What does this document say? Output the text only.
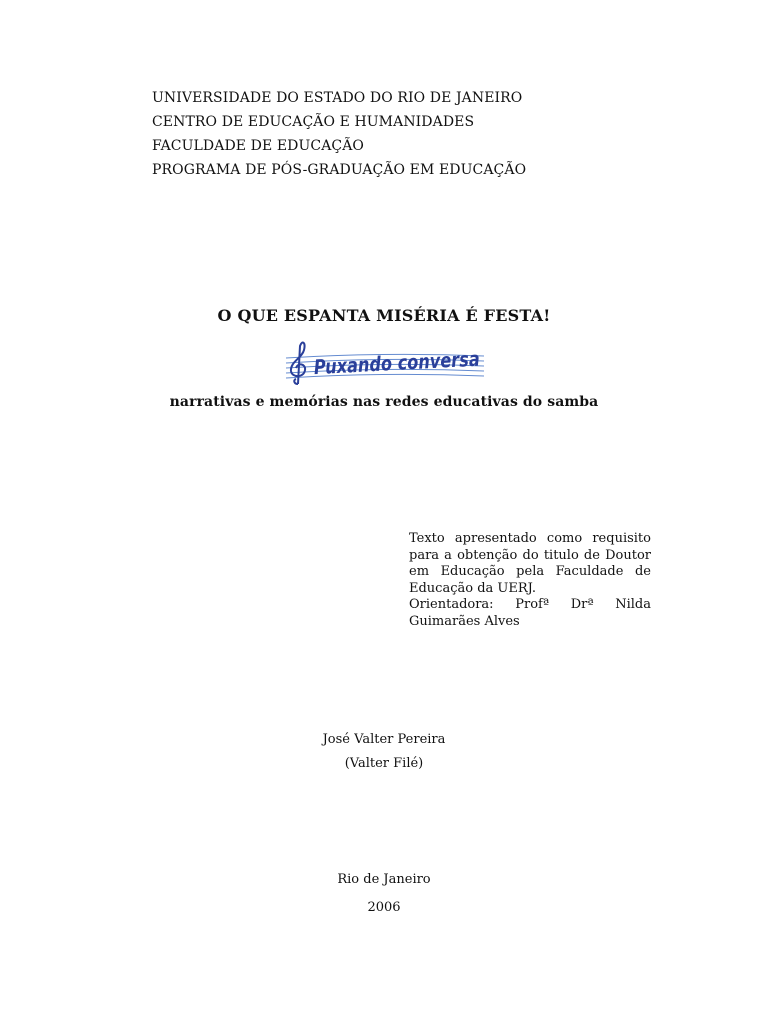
UNIVERSIDADE DO ESTADO DO RIO DE JANEIRO
CENTRO DE EDUCAÇÃO E HUMANIDADES
FACULDADE DE EDUCAÇÃO
PROGRAMA DE PÓS-GRADUAÇÃO EM EDUCAÇÃO
O QUE ESPANTA MISÉRIA É FESTA!
Puxando conversa
narrativas e memórias nas redes educativas do samba
Texto apresentado como requisito
para a obtenção do titulo de Doutor
em Educação pela Faculdade de
Educação da UERJ.
Orientadora: Profª Drª Nilda
Guimarães Alves
José Valter Pereira
(Valter Filé)
Rio de Janeiro
2006
